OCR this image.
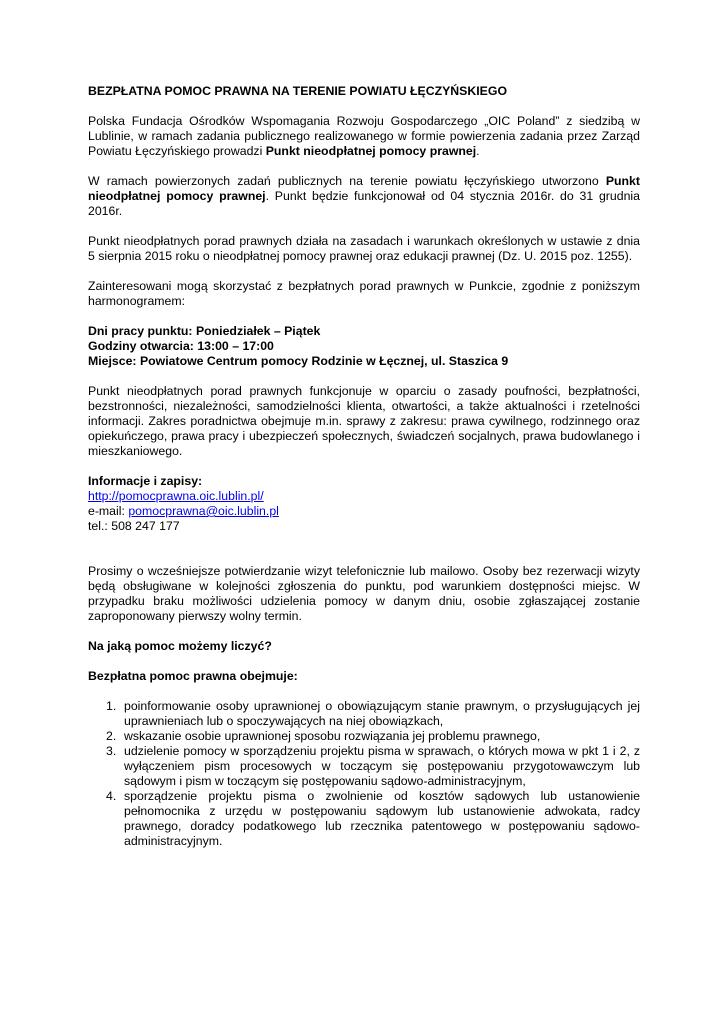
BEZPŁATNA POMOC PRAWNA NA TERENIE POWIATU ŁĘCZYŃSKIEGO

Polska Fundacja Ośrodków Wspomagania Rozwoju Gospodarczego „OIC Poland” z siedzibą w Lublinie, w ramach zadania publicznego realizowanego w formie powierzenia zadania przez Zarząd Powiatu Łęczyńskiego prowadzi Punkt nieodpłatnej pomocy prawnej.

W ramach powierzonych zadań publicznych na terenie powiatu łęczyńskiego utworzono Punkt nieodpłatnej pomocy prawnej. Punkt będzie funkcjonował od 04 stycznia 2016r. do 31 grudnia 2016r.

Punkt nieodpłatnych porad prawnych działa na zasadach i warunkach określonych w ustawie z dnia 5 sierpnia 2015 roku o nieodpłatnej pomocy prawnej oraz edukacji prawnej (Dz. U. 2015 poz. 1255).

Zainteresowani mogą skorzystać z bezpłatnych porad prawnych w Punkcie, zgodnie z poniższym harmonogramem:

Dni pracy punktu: Poniedziałek – Piątek

Godziny otwarcia: 13:00 – 17:00

Miejsce: Powiatowe Centrum pomocy Rodzinie w Łęcznej, ul. Staszica 9

Punkt nieodpłatnych porad prawnych funkcjonuje w oparciu o zasady poufności, bezpłatności, bezstronności, niezależności, samodzielności klienta, otwartości, a także aktualności i rzetelności informacji. Zakres poradnictwa obejmuje m.in. sprawy z zakresu: prawa cywilnego, rodzinnego oraz opiekuńczego, prawa pracy i ubezpieczeń społecznych, świadczeń socjalnych, prawa budowlanego i mieszkaniowego.

Informacje i zapisy:

http://pomocprawna.oic.lublin.pl/

e-mail: pomocprawna@oic.lublin.pl

tel.: 508 247 177

Prosimy o wcześniejsze potwierdzanie wizyt telefonicznie lub mailowo. Osoby bez rezerwacji wizyty będą obsługiwane w kolejności zgłoszenia do punktu, pod warunkiem dostępności miejsc. W przypadku braku możliwości udzielenia pomocy w danym dniu, osobie zgłaszającej zostanie zaproponowany pierwszy wolny termin.

Na jaką pomoc możemy liczyć?

Bezpłatna pomoc prawna obejmuje:

1. poinformowanie osoby uprawnionej o obowiązującym stanie prawnym, o przysługujących jej uprawnieniach lub o spoczywających na niej obowiązkach,
2. wskazanie osobie uprawnionej sposobu rozwiązania jej problemu prawnego,
3. udzielenie pomocy w sporządzeniu projektu pisma w sprawach, o których mowa w pkt 1 i 2, z wyłączeniem pism procesowych w toczącym się postępowaniu przygotowawczym lub sądowym i pism w toczącym się postępowaniu sądowo-administracyjnym,
4. sporządzenie projektu pisma o zwolnienie od kosztów sądowych lub ustanowienie pełnomocnika z urzędu w postępowaniu sądowym lub ustanowienie adwokata, radcy prawnego, doradcy podatkowego lub rzecznika patentowego w postępowaniu sądowo-administracyjnym.
